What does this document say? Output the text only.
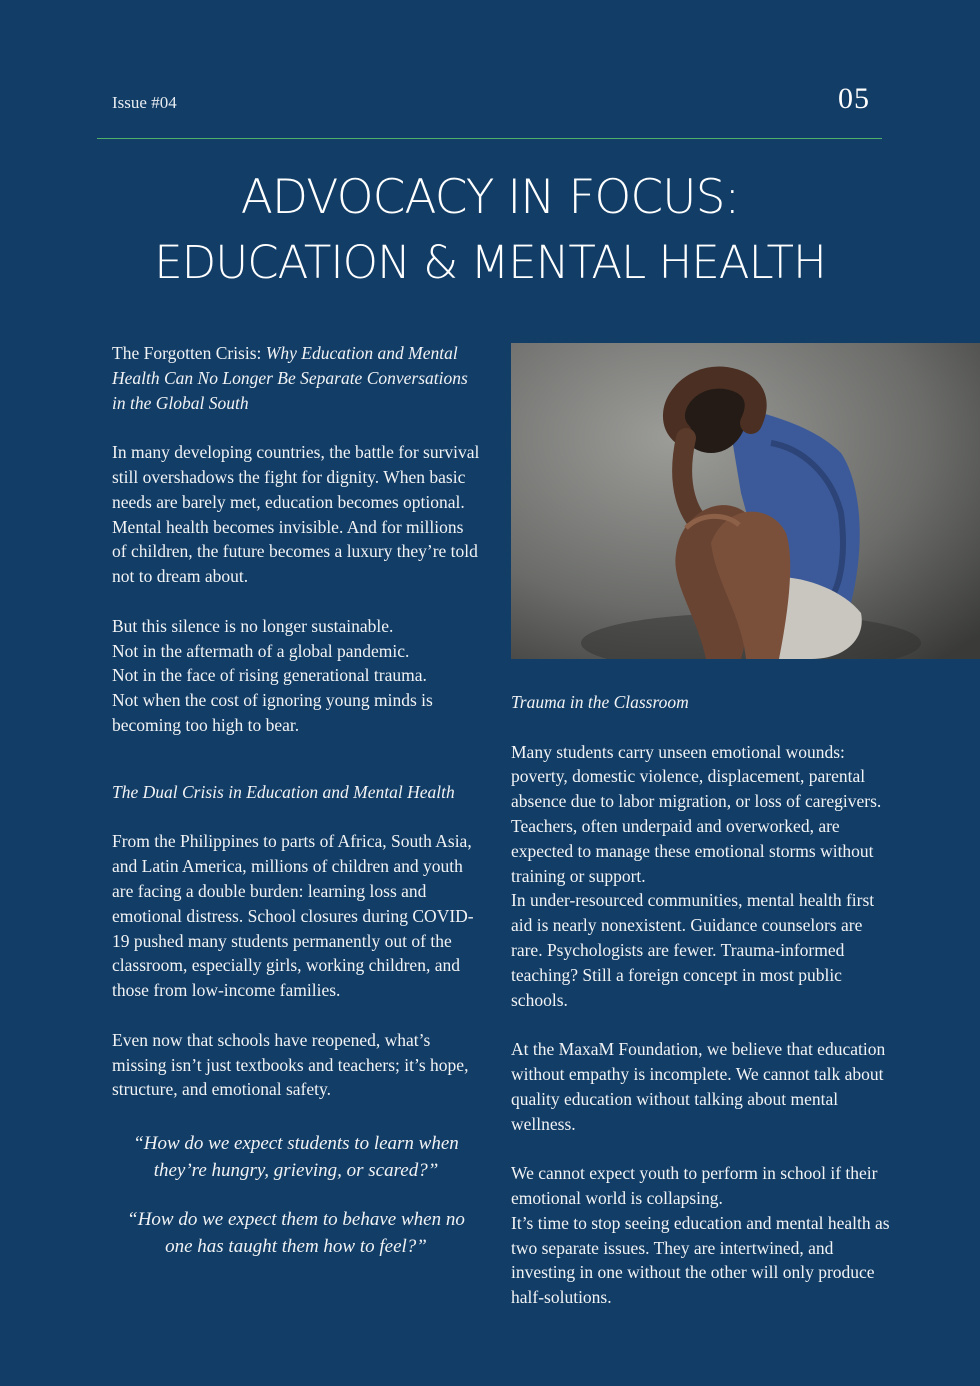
Issue #04	05
ADVOCACY IN FOCUS:
EDUCATION & MENTAL HEALTH

The Forgotten Crisis: Why Education and Mental Health Can No Longer Be Separate Conversations in the Global South

In many developing countries, the battle for survival still overshadows the fight for dignity. When basic needs are barely met, education becomes optional. Mental health becomes invisible. And for millions of children, the future becomes a luxury they’re told not to dream about.

But this silence is no longer sustainable.

Not in the aftermath of a global pandemic.

Not in the face of rising generational trauma.

Not when the cost of ignoring young minds is becoming too high to bear.

The Dual Crisis in Education and Mental Health

From the Philippines to parts of Africa, South Asia, and Latin America, millions of children and youth are facing a double burden: learning loss and emotional distress. School closures during COVID-19 pushed many students permanently out of the classroom, especially girls, working children, and those from low-income families.

Even now that schools have reopened, what’s missing isn’t just textbooks and teachers; it’s hope, structure, and emotional safety.

“How do we expect students to learn when they’re hungry, grieving, or scared?”

“How do we expect them to behave when no one has taught them how to feel?”

Trauma in the Classroom

Many students carry unseen emotional wounds: poverty, domestic violence, displacement, parental absence due to labor migration, or loss of caregivers. Teachers, often underpaid and overworked, are expected to manage these emotional storms without training or support.

In under-resourced communities, mental health first aid is nearly nonexistent. Guidance counselors are rare. Psychologists are fewer. Trauma-informed teaching? Still a foreign concept in most public schools.

At the MaxaM Foundation, we believe that education without empathy is incomplete. We cannot talk about quality education without talking about mental wellness.

We cannot expect youth to perform in school if their emotional world is collapsing.

It’s time to stop seeing education and mental health as two separate issues. They are intertwined, and investing in one without the other will only produce half-solutions.
